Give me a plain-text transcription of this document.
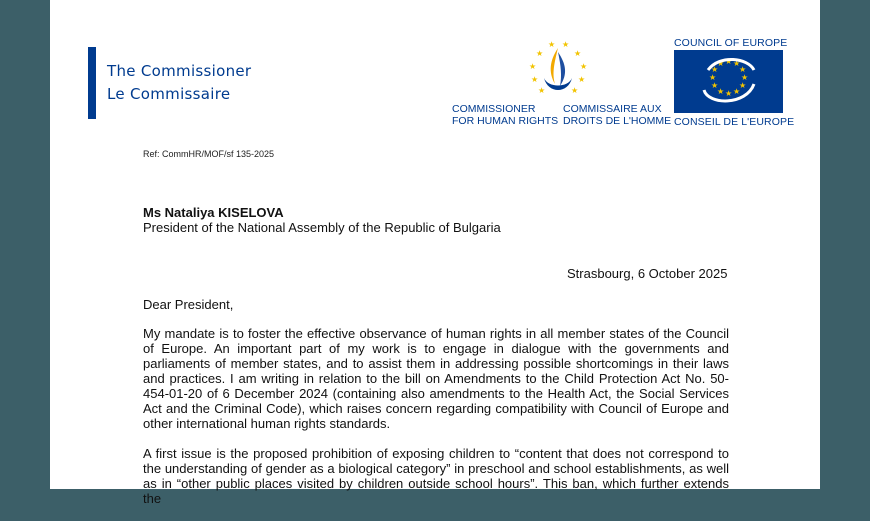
The Commissioner
Le Commissaire
★ ★
★	★
★	★
★	★
★	★
COMMISSIONER
FOR HUMAN RIGHTS
COMMISSAIRE AUX
DROITS DE L'HOMME
COUNCIL OF EUROPE
★ ★
★
★
★
★
★
★
★
★
★
★
CONSEIL DE L'EUROPE
Ref: CommHR/MOF/sf 135-2025
Ms Nataliya KISELOVA
President of the National Assembly of the Republic of Bulgaria
Strasbourg, 6 October 2025
Dear President,

My mandate is to foster the effective observance of human rights in all member states of the Council of Europe. An important part of my work is to engage in dialogue with the governments and parliaments of member states, and to assist them in addressing possible shortcomings in their laws and practices. I am writing in relation to the bill on Amendments to the Child Protection Act No. 50-454-01-20 of 6 December 2024 (containing also amendments to the Health Act, the Social Services Act and the Criminal Code), which raises concern regarding compatibility with Council of Europe and other international human rights standards.

A first issue is the proposed prohibition of exposing children to “content that does not correspond to the understanding of gender as a biological category” in preschool and school establishments, as well as in “other public places visited by children outside school hours”. This ban, which further extends the
